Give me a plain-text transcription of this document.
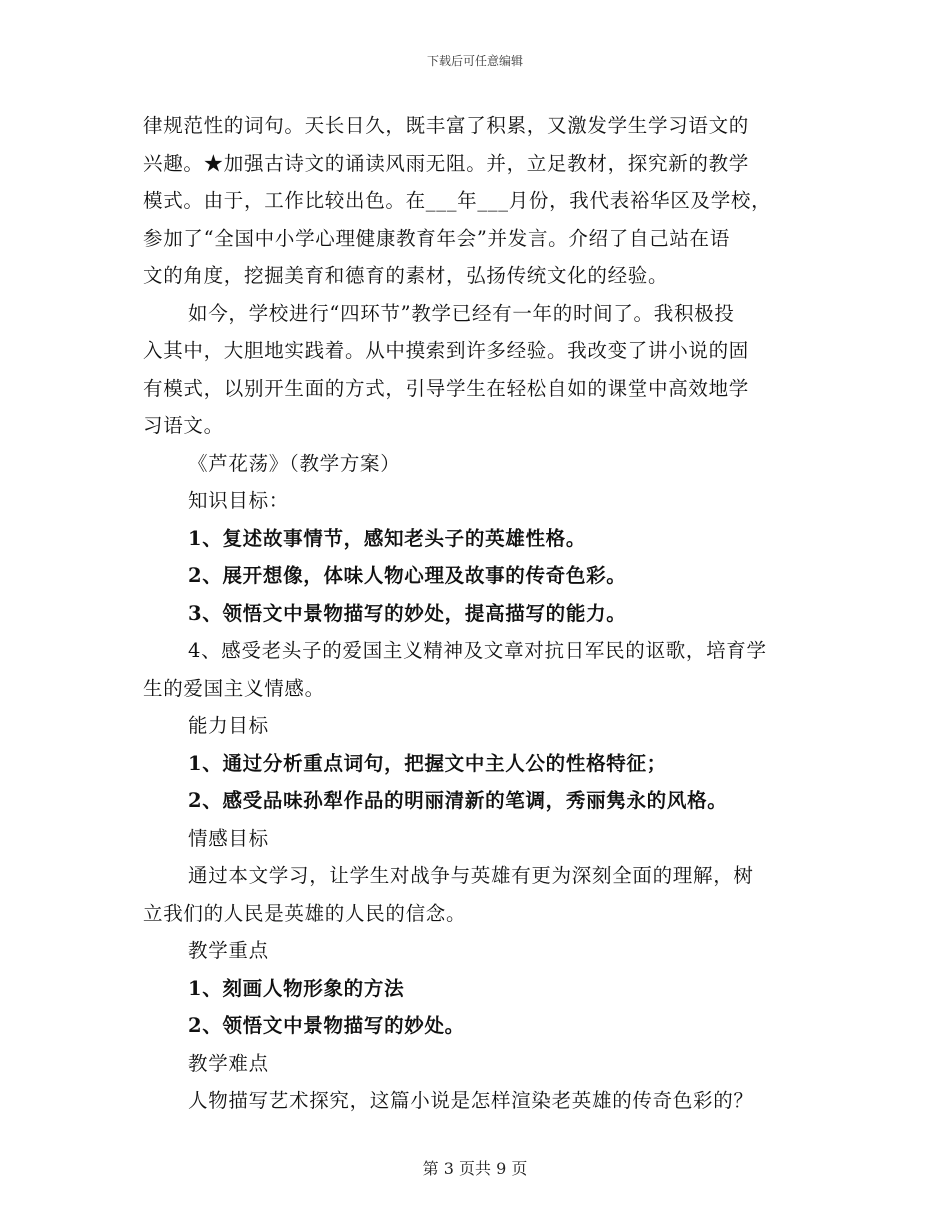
下载后可任意编辑
律规范性的词句。天长日久，既丰富了积累，又激发学生学习语文的
兴趣。★加强古诗文的诵读风雨无阻。并，立足教材，探究新的教学
模式。由于，工作比较出色。在___年___月份，我代表裕华区及学校，
参加了“全国中小学心理健康教育年会”并发言。介绍了自己站在语
文的角度，挖掘美育和德育的素材，弘扬传统文化的经验。
如今，学校进行“四环节”教学已经有一年的时间了。我积极投
入其中，大胆地实践着。从中摸索到许多经验。我改变了讲小说的固
有模式，以别开生面的方式，引导学生在轻松自如的课堂中高效地学
习语文。
《芦花荡》（教学方案）
知识目标：
1、复述故事情节，感知老头子的英雄性格。
2、展开想像，体味人物心理及故事的传奇色彩。
3、领悟文中景物描写的妙处，提高描写的能力。
4、感受老头子的爱国主义精神及文章对抗日军民的讴歌，培育学
生的爱国主义情感。
能力目标
1、通过分析重点词句，把握文中主人公的性格特征；
2、感受品味孙犁作品的明丽清新的笔调，秀丽隽永的风格。
情感目标
通过本文学习，让学生对战争与英雄有更为深刻全面的理解，树
立我们的人民是英雄的人民的信念。
教学重点
1、刻画人物形象的方法
2、领悟文中景物描写的妙处。
教学难点
人物描写艺术探究，这篇小说是怎样渲染老英雄的传奇色彩的？
第 3 页共 9 页
